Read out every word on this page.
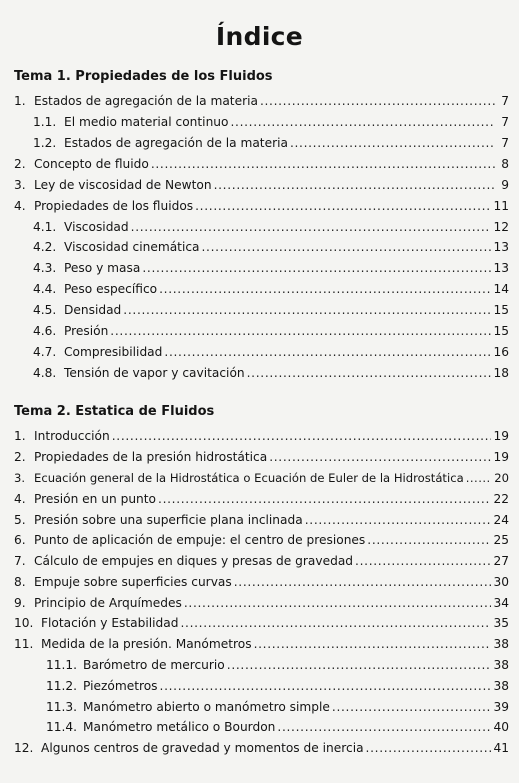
Índice
Tema 1. Propiedades de los Fluidos
1. Estados de agregación de la materia . . .	7
1.1. El medio material continuo . . .	7
1.2. Estados de agregación de la materia . . .	7
2. Concepto de fluido . . .	8
3. Ley de viscosidad de Newton . . .	9
4. Propiedades de los fluidos . . .	11
4.1. Viscosidad . . .	12
4.2. Viscosidad cinemática . . .	13
4.3. Peso y masa . . .	13
4.4. Peso específico . . .	14
4.5. Densidad . . .	15
4.6. Presión . . .	15
4.7. Compresibilidad . . .	16
4.8. Tensión de vapor y cavitación . . .	18
Tema 2. Estatica de Fluidos
1. Introducción . . .	19
2. Propiedades de la presión hidrostática . . .	19
3. Ecuación general de la Hidrostática o Ecuación de Euler de la Hidrostática . . .	20
4. Presión en un punto . . .	22
5. Presión sobre una superficie plana inclinada . . .	24
6. Punto de aplicación de empuje: el centro de presiones . . .	25
7. Cálculo de empujes en diques y presas de gravedad . . .	27
8. Empuje sobre superficies curvas . . .	30
9. Principio de Arquímedes . . .	34
10. Flotación y Estabilidad . . .	35
11. Medida de la presión. Manómetros . . .	38
11.1. Barómetro de mercurio . . .	38
11.2. Piezómetros . . .	38
11.3. Manómetro abierto o manómetro simple . . .	39
11.4. Manómetro metálico o Bourdon . . .	40
12. Algunos centros de gravedad y momentos de inercia . . .	41
